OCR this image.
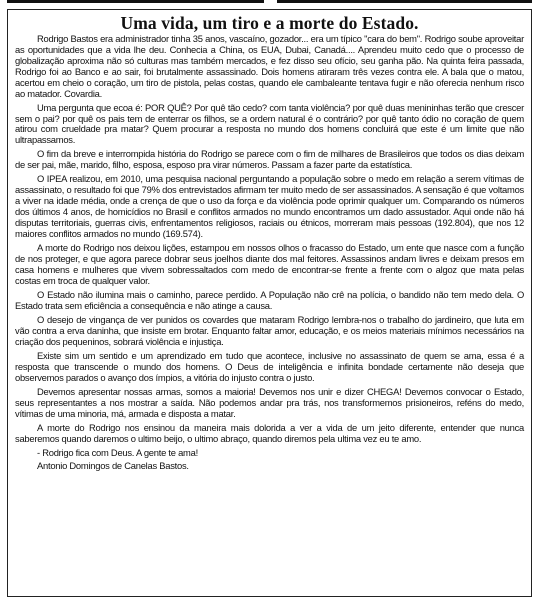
Uma vida, um tiro e a morte do Estado.

Rodrigo Bastos era administrador tinha 35 anos, vascaíno, gozador... era um típico "cara do bem". Rodrigo soube aproveitar as oportunidades que a vida lhe deu. Conhecia a China, os EUA, Dubai, Canadá.... Aprendeu muito cedo que o processo de globalização aproxima não só culturas mas também mercados, e fez disso seu ofício, seu ganha pão. Na quinta feira passada, Rodrigo foi ao Banco e ao sair, foi brutalmente assassinado. Dois homens atiraram três vezes contra ele. A bala que o matou, acertou em cheio o coração, um tiro de pistola, pelas costas, quando ele cambaleante tentava fugir e não oferecia nenhum risco ao matador. Covardia.

Uma pergunta que ecoa é: POR QUÊ? Por quê tão cedo? com tanta violência? por quê duas menininhas terão que crescer sem o pai? por quê os pais tem de enterrar os filhos, se a ordem natural é o contrário? por quê tanto ódio no coração de quem atirou com crueldade pra matar? Quem procurar a resposta no mundo dos homens concluirá que este é um limite que não ultrapassamos.

O fim da breve e interrompida história do Rodrigo se parece com o fim de milhares de Brasileiros que todos os dias deixam de ser pai, mãe, marido, filho, esposa, esposo pra virar números. Passam a fazer parte da estatística.

O IPEA realizou, em 2010, uma pesquisa nacional perguntando a população sobre o medo em relação a serem vítimas de assassinato, o resultado foi que 79% dos entrevistados afirmam ter muito medo de ser assassinados. A sensação é que voltamos a viver na idade média, onde a crença de que o uso da força e da violência pode oprimir qualquer um. Comparando os números dos últimos 4 anos, de homicídios no Brasil e conflitos armados no mundo encontramos um dado assustador. Aqui onde não há disputas territoriais, guerras civis, enfrentamentos religiosos, raciais ou étnicos, morreram mais pessoas (192.804), que nos 12 maiores conflitos armados no mundo (169.574).

A morte do Rodrigo nos deixou lições, estampou em nossos olhos o fracasso do Estado, um ente que nasce com a função de nos proteger, e que agora parece dobrar seus joelhos diante dos mal feitores. Assassinos andam livres e deixam presos em casa homens e mulheres que vivem sobressaltados com medo de encontrar-se frente a frente com o algoz que mata pelas costas em troca de qualquer valor.

O Estado não ilumina mais o caminho, parece perdido. A População não crê na polícia, o bandido não tem medo dela. O Estado trata sem eficiência a consequência e não atinge a causa.

O desejo de vingança de ver punidos os covardes que mataram Rodrigo lembra-nos o trabalho do jardineiro, que luta em vão contra a erva daninha, que insiste em brotar. Enquanto faltar amor, educação, e os meios materiais mínimos necessários na criação dos pequeninos, sobrará violência e injustiça.

Existe sim um sentido e um aprendizado em tudo que acontece, inclusive no assassinato de quem se ama, essa é a resposta que transcende o mundo dos homens. O Deus de inteligência e infinita bondade certamente não deseja que observemos parados o avanço dos ímpios, a vitória do injusto contra o justo.

Devemos apresentar nossas armas, somos a maioria! Devemos nos unir e dizer CHEGA! Devemos convocar o Estado, seus representantes a nos mostrar a saída. Não podemos andar pra trás, nos transformemos prisioneiros, reféns do medo, vítimas de uma minoria, má, armada e disposta a matar.

A morte do Rodrigo nos ensinou da maneira mais dolorida a ver a vida de um jeito diferente, entender que nunca saberemos quando daremos o ultimo beijo, o ultimo abraço, quando diremos pela ultima vez eu te amo.

- Rodrigo fica com Deus. A gente te ama!

Antonio Domingos de Canelas Bastos.
